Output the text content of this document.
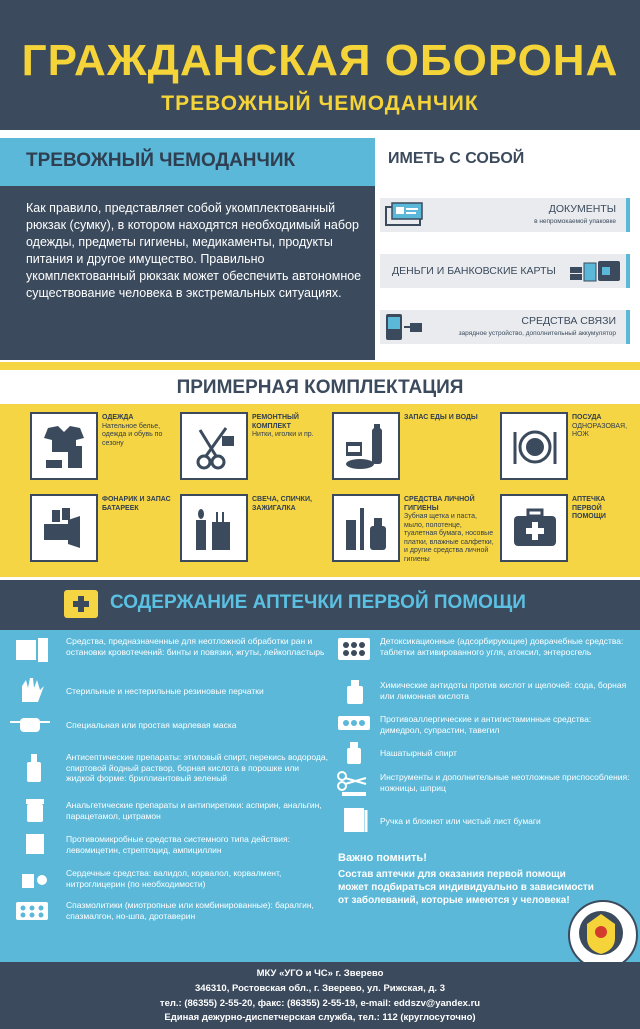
ГРАЖДАНСКАЯ ОБОРОНА
ТРЕВОЖНЫЙ ЧЕМОДАНЧИК
ТРЕВОЖНЫЙ ЧЕМОДАНЧИК
Как правило, представляет собой укомплектованный рюкзак (сумку), в котором находятся необходимый набор одежды, предметы гигиены, медикаменты, продукты питания и другое имущество. Правильно укомплектованный рюкзак может обеспечить автономное существование человека в экстремальных ситуациях.
ИМЕТЬ С СОБОЙ
ДОКУМЕНТЫ
в непромокаемой упаковке
ДЕНЬГИ И БАНКОВСКИЕ КАРТЫ
СРЕДСТВА СВЯЗИ
зарядное устройство, дополнительный аккумулятор
ПРИМЕРНАЯ КОМПЛЕКТАЦИЯ
ОДЕЖДА
Нательное белье, одежда и обувь по сезону
РЕМОНТНЫЙ КОМПЛЕКТ
Нитки, иголки и пр.
ЗАПАС ЕДЫ И ВОДЫ	ПОСУДА
ОДНОРАЗОВАЯ, НОЖ
ФОНАРИК И ЗАПАС БАТАРЕЕК
СВЕЧА, СПИЧКИ, ЗАЖИГАЛКА
СРЕДСТВА ЛИЧНОЙ ГИГИЕНЫ
Зубная щетка и паста, мыло, полотенце, туалетная бумага, носовые платки, влажные салфетки, и другие средства личной гигиены
АПТЕЧКА ПЕРВОЙ ПОМОЩИ
СОДЕРЖАНИЕ АПТЕЧКИ ПЕРВОЙ ПОМОЩИ
Средства, предназначенные для неотложной обработки ран и остановки кровотечений: бинты и повязки, жгуты, лейкопластырь
Стерильные и нестерильные резиновые перчатки
Специальная или простая марлевая маска
Антисептические препараты: этиловый спирт, перекись водорода, спиртовой йодный раствор, борная кислота в порошке или жидкой форме: бриллиантовый зеленый
Анальгетические препараты и антипиретики: аспирин, анальгин, парацетамол, цитрамон
Противомикробные средства системного типа действия: левомицетин, стрептоцид, ампициллин
Сердечные средства: валидол, корвалол, корвалмент, нитроглицерин (по необходимости)
Спазмолитики (миотропные или комбинированные): баралгин, спазмалгон, но-шпа, дротаверин
Детоксикационные (адсорбирующие) доврачебные средства: таблетки активированного угля, атоксил, энтеросгель
Химические антидоты против кислот и щелочей: сода, борная или лимонная кислота
Противоаллергические и антигистаминные средства: димедрол, супрастин, тавегил
Нашатырный спирт
Инструменты и дополнительные неотложные приспособления: ножницы, шприц
Ручка и блокнот или чистый лист бумаги
Важно помнить!
Состав аптечки для оказания первой помощи может подбираться индивидуально в зависимости от заболеваний, которые имеются у человека!
МКУ «УГО и ЧС» г. Зверево
346310, Ростовская обл., г. Зверево, ул. Рижская, д. 3
тел.: (86355) 2-55-20, факс: (86355) 2-55-19, e-mail: eddszv@yandex.ru
Единая дежурно-диспетчерская служба, тел.: 112 (круглосуточно)
